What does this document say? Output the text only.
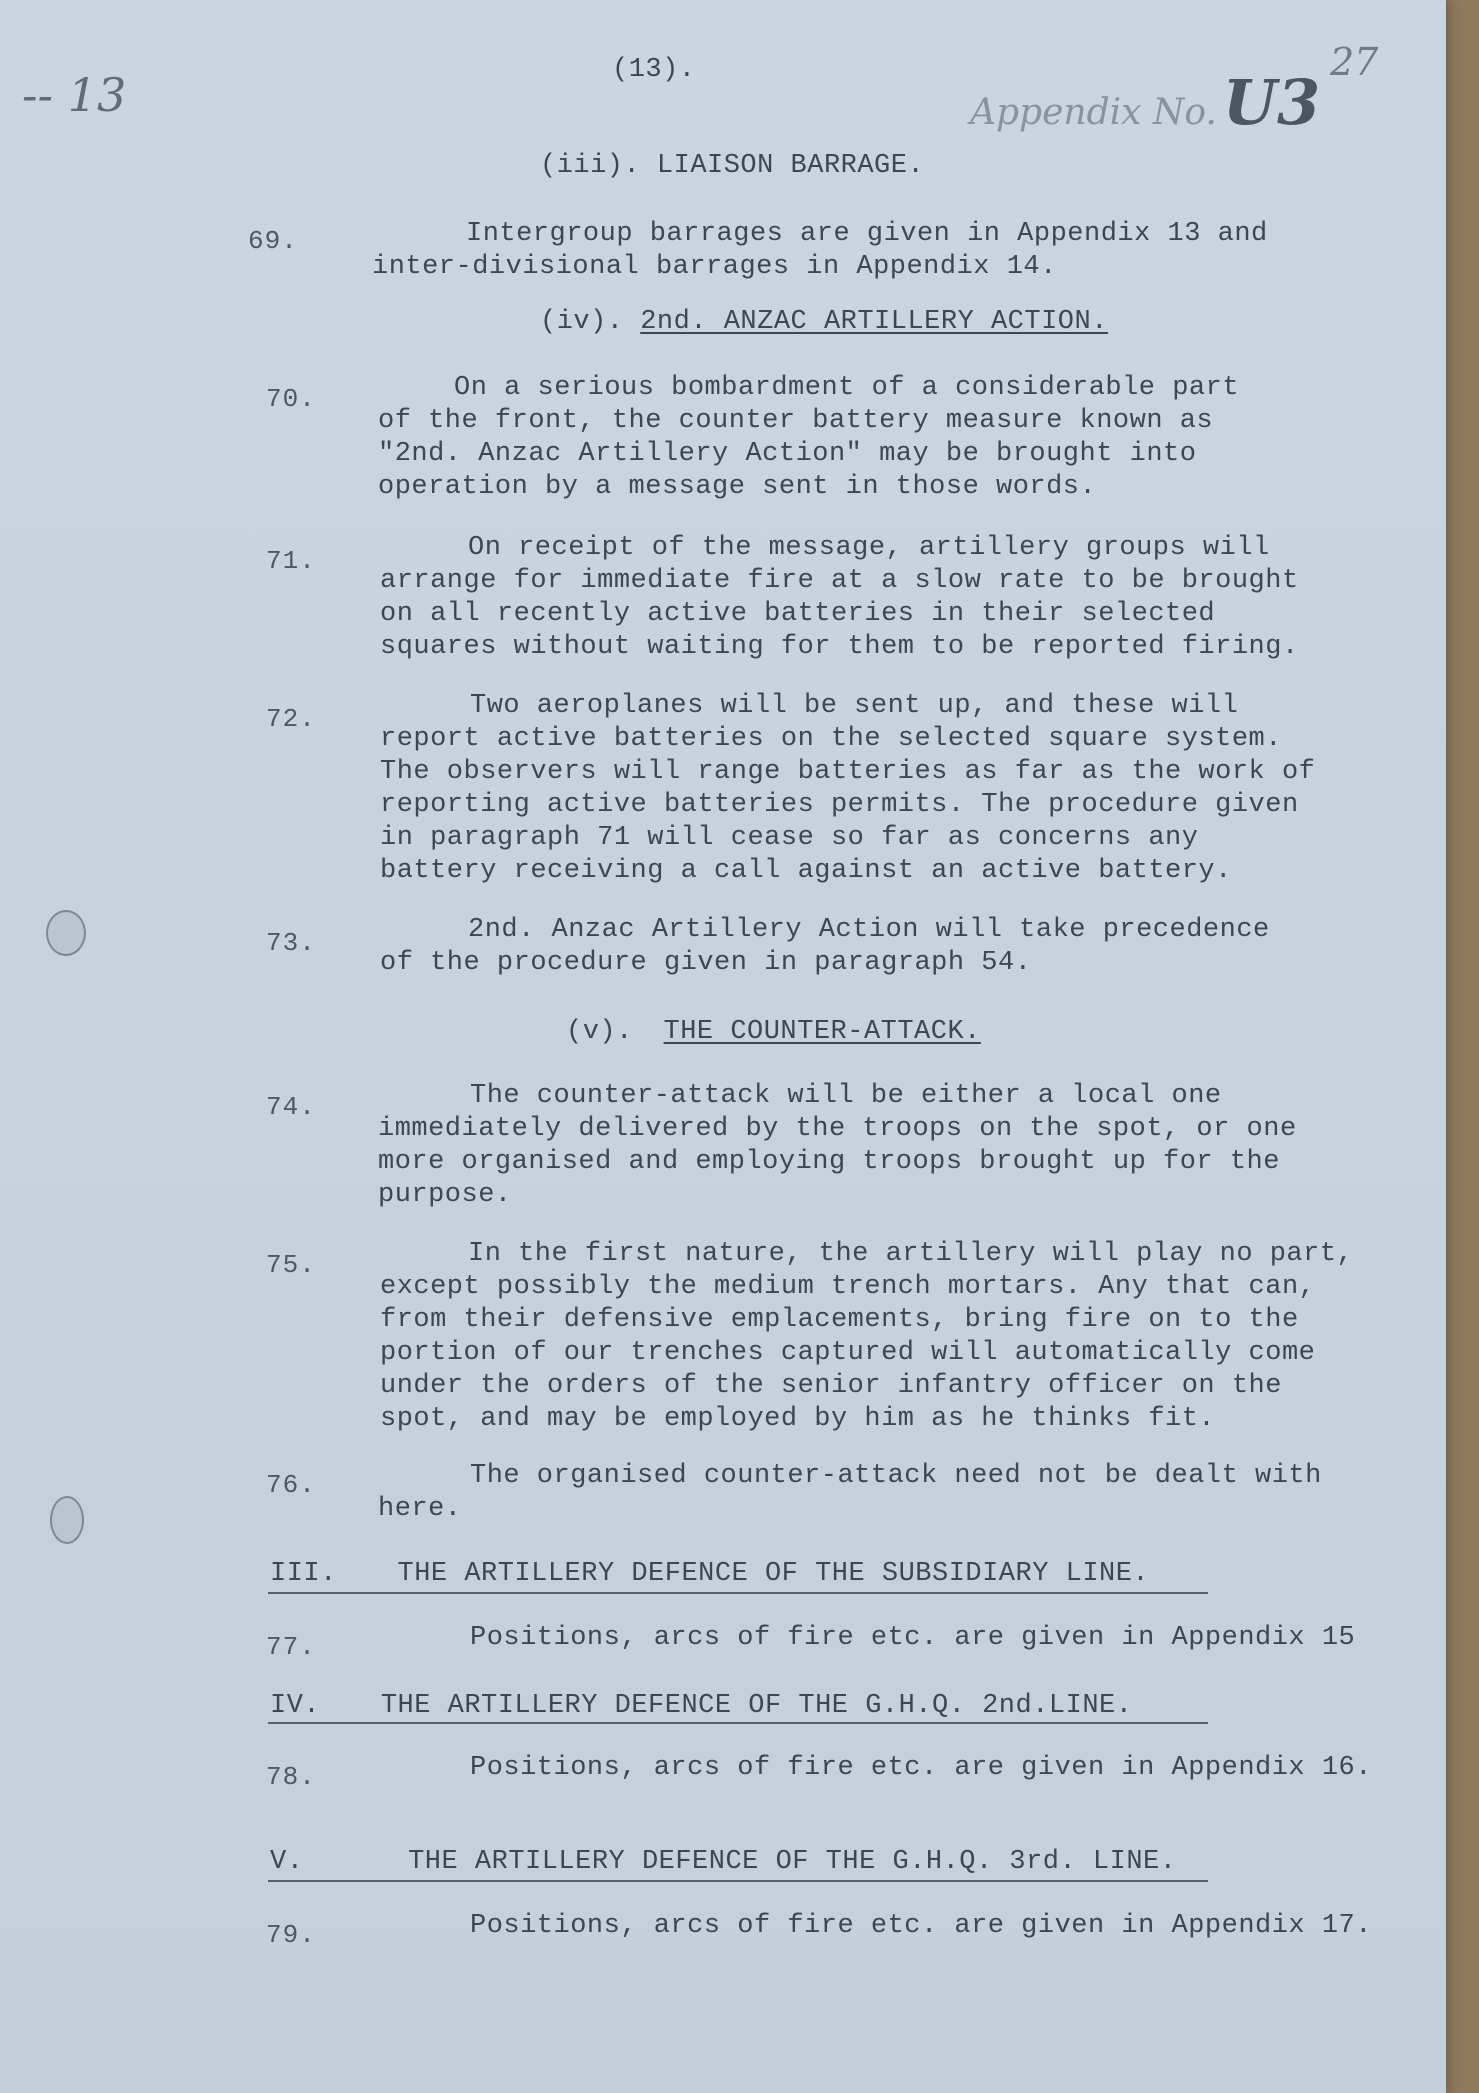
-- 13
27
Appendix No.U3
(13).
(iii). LIAISON BARRAGE.
69.	Intergroup barrages are given in Appendix 13 and
inter-divisional barrages in Appendix 14.
(iv). 2nd. ANZAC ARTILLERY ACTION.
70.	On a serious bombardment of a considerable part
of the front, the counter battery measure known as
"2nd. Anzac Artillery Action" may be brought into
operation by a message sent in those words.
71.	On receipt of the message, artillery groups will
arrange for immediate fire at a slow rate to be brought
on all recently active batteries in their selected
squares without waiting for them to be reported firing.
72.	Two aeroplanes will be sent up, and these will
report active batteries on the selected square system.
The observers will range batteries as far as the work of
reporting active batteries permits. The procedure given
in paragraph 71 will cease so far as concerns any
battery receiving a call against an active battery.
73.	2nd. Anzac Artillery Action will take precedence
of the procedure given in paragraph 54.
(v). THE COUNTER-ATTACK.
74.	The counter-attack will be either a local one
immediately delivered by the troops on the spot, or one
more organised and employing troops brought up for the
purpose.
75.	In the first nature, the artillery will play no part,
except possibly the medium trench mortars. Any that can,
from their defensive emplacements, bring fire on to the
portion of our trenches captured will automatically come
under the orders of the senior infantry officer on the
spot, and may be employed by him as he thinks fit.
76.	The organised counter-attack need not be dealt with
here.
III. THE ARTILLERY DEFENCE OF THE SUBSIDIARY LINE.
77.	Positions, arcs of fire etc. are given in Appendix 15
IV. THE ARTILLERY DEFENCE OF THE G.H.Q. 2nd.LINE.
78.	Positions, arcs of fire etc. are given in Appendix 16.
V.	THE ARTILLERY DEFENCE OF THE G.H.Q. 3rd. LINE.
79.	Positions, arcs of fire etc. are given in Appendix 17.
